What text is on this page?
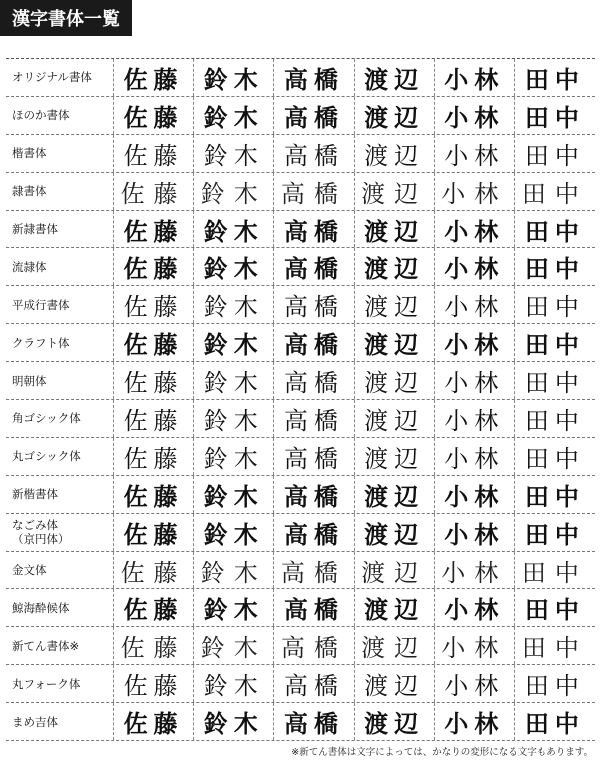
漢字書体一覧
オリジナル書体	佐藤 鈴木 高橋 渡辺 小林 田中
ほのか書体	佐藤 鈴木 高橋 渡辺 小林 田中
楷書体	佐藤 鈴木 高橋 渡辺 小林 田中
隷書体	佐藤 鈴木 高橋 渡辺 小林 田中
新隷書体	佐藤 鈴木 高橋 渡辺 小林 田中
流隷体	佐藤 鈴木 高橋 渡辺 小林 田中
平成行書体	佐藤 鈴木 高橋 渡辺 小林 田中
クラフト体	佐藤 鈴木 高橋 渡辺 小林 田中
明朝体	佐藤 鈴木 高橋 渡辺 小林 田中
角ゴシック体	佐藤 鈴木 高橋 渡辺 小林 田中
丸ゴシック体	佐藤 鈴木 高橋 渡辺 小林 田中
新楷書体	佐藤 鈴木 高橋 渡辺 小林 田中
なごみ体
（京円体）	佐藤 鈴木 高橋 渡辺 小林 田中
金文体	佐藤 鈴木 高橋 渡辺 小林 田中
鯨海酔候体	佐藤 鈴木 高橋 渡辺 小林 田中
新てん書体※	佐藤 鈴木 高橋 渡辺 小林 田中
丸フォーク体	佐藤 鈴木 高橋 渡辺 小林 田中
まめ吉体	佐藤 鈴木 高橋 渡辺 小林 田中
※新てん書体は文字によっては、かなりの変形になる文字もあります。
